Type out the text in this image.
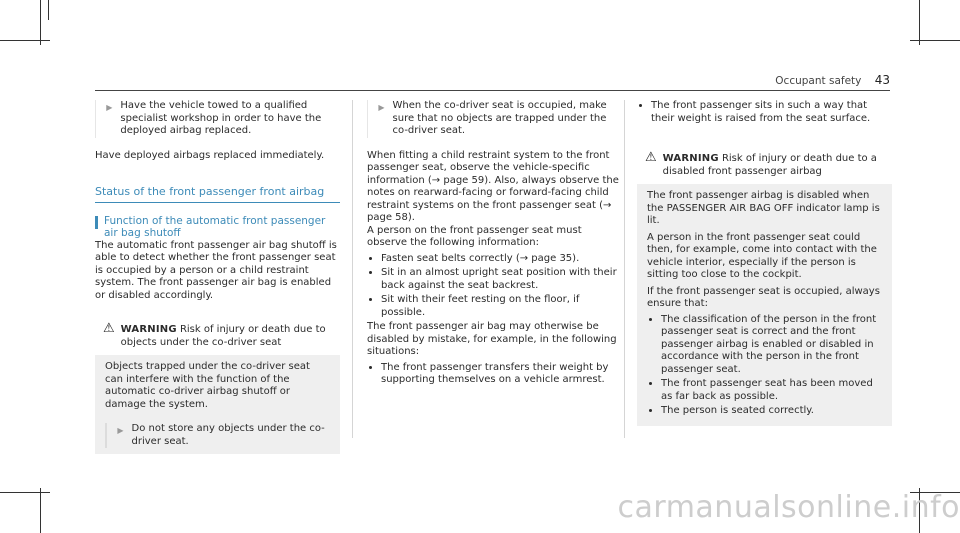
Occupant safety 43
▶ Have the vehicle towed to a qualified specialist workshop in order to have the deployed airbag replaced.

Have deployed airbags replaced immediately.

Status of the front passenger front airbag
Function of the automatic front passenger air bag shutoff

The automatic front passenger air bag shutoff is able to detect whether the front passenger seat is occupied by a person or a child restraint system. The front passenger air bag is enabled or disabled accordingly.

⚠ WARNING Risk of injury or death due to objects under the co-driver seat

Objects trapped under the co-driver seat can interfere with the function of the automatic co-driver airbag shutoff or damage the system.

▶ Do not store any objects under the co-driver seat.
▶ When the co-driver seat is occupied, make sure that no objects are trapped under the co-driver seat.

When fitting a child restraint system to the front passenger seat, observe the vehicle-specific information (→ page 59). Also, always observe the notes on rearward-facing or forward-facing child restraint systems on the front passenger seat (→ page 58).

A person on the front passenger seat must observe the following information:

• Fasten seat belts correctly (→ page 35).
• Sit in an almost upright seat position with their back against the seat backrest.
• Sit with their feet resting on the floor, if possible.

The front passenger air bag may otherwise be disabled by mistake, for example, in the following situations:

• The front passenger transfers their weight by supporting themselves on a vehicle armrest.
• The front passenger sits in such a way that their weight is raised from the seat surface.
⚠ WARNING Risk of injury or death due to a disabled front passenger airbag

The front passenger airbag is disabled when the PASSENGER AIR BAG OFF indicator lamp is lit.

A person in the front passenger seat could then, for example, come into contact with the vehicle interior, especially if the person is sitting too close to the cockpit.

If the front passenger seat is occupied, always ensure that:

• The classification of the person in the front passenger seat is correct and the front passenger airbag is enabled or disabled in accordance with the person in the front passenger seat.
• The front passenger seat has been moved as far back as possible.
• The person is seated correctly.
carmanualsonline.info
